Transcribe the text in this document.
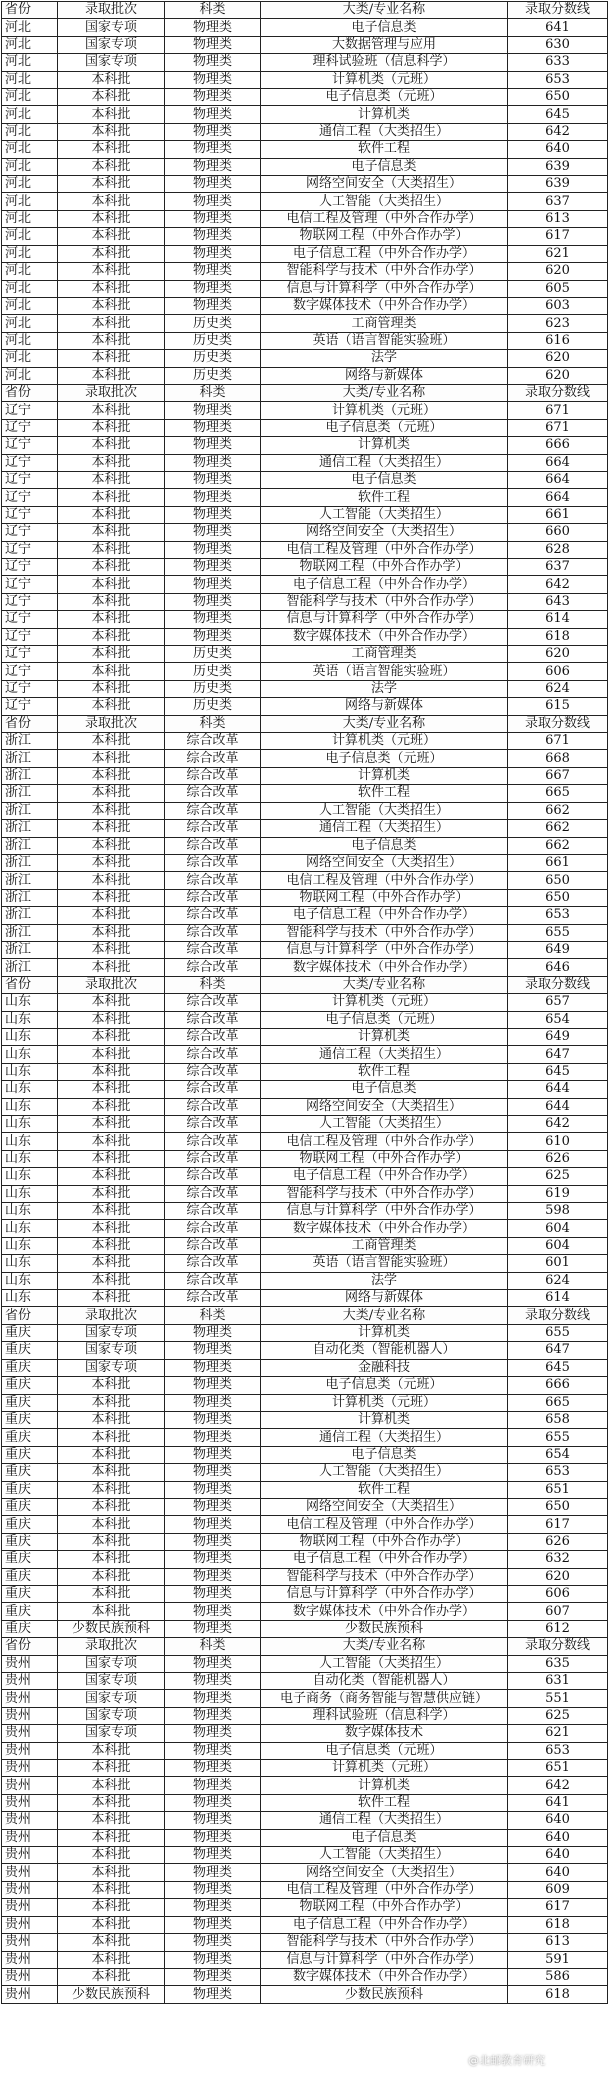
省份	录取批次	科类	大类/专业名称	录取分数线
河北	国家专项	物理类	电子信息类	641
河北	国家专项	物理类	大数据管理与应用	630
河北	国家专项	物理类	理科试验班（信息科学）	633
河北	本科批	物理类	计算机类（元班）	653
河北	本科批	物理类	电子信息类（元班）	650
河北	本科批	物理类	计算机类	645
河北	本科批	物理类	通信工程（大类招生）	642
河北	本科批	物理类	软件工程	640
河北	本科批	物理类	电子信息类	639
河北	本科批	物理类	网络空间安全（大类招生）	639
河北	本科批	物理类	人工智能（大类招生）	637
河北	本科批	物理类	电信工程及管理（中外合作办学）	613
河北	本科批	物理类	物联网工程（中外合作办学）	617
河北	本科批	物理类	电子信息工程（中外合作办学）	621
河北	本科批	物理类	智能科学与技术（中外合作办学）	620
河北	本科批	物理类	信息与计算科学（中外合作办学）	605
河北	本科批	物理类	数字媒体技术（中外合作办学）	603
河北	本科批	历史类	工商管理类	623
河北	本科批	历史类	英语（语言智能实验班）	616
河北	本科批	历史类	法学	620
河北	本科批	历史类	网络与新媒体	620
省份	录取批次	科类	大类/专业名称	录取分数线
辽宁	本科批	物理类	计算机类（元班）	671
辽宁	本科批	物理类	电子信息类（元班）	671
辽宁	本科批	物理类	计算机类	666
辽宁	本科批	物理类	通信工程（大类招生）	664
辽宁	本科批	物理类	电子信息类	664
辽宁	本科批	物理类	软件工程	664
辽宁	本科批	物理类	人工智能（大类招生）	661
辽宁	本科批	物理类	网络空间安全（大类招生）	660
辽宁	本科批	物理类	电信工程及管理（中外合作办学）	628
辽宁	本科批	物理类	物联网工程（中外合作办学）	637
辽宁	本科批	物理类	电子信息工程（中外合作办学）	642
辽宁	本科批	物理类	智能科学与技术（中外合作办学）	643
辽宁	本科批	物理类	信息与计算科学（中外合作办学）	614
辽宁	本科批	物理类	数字媒体技术（中外合作办学）	618
辽宁	本科批	历史类	工商管理类	620
辽宁	本科批	历史类	英语（语言智能实验班）	606
辽宁	本科批	历史类	法学	624
辽宁	本科批	历史类	网络与新媒体	615
省份	录取批次	科类	大类/专业名称	录取分数线
浙江	本科批	综合改革	计算机类（元班）	671
浙江	本科批	综合改革	电子信息类（元班）	668
浙江	本科批	综合改革	计算机类	667
浙江	本科批	综合改革	软件工程	665
浙江	本科批	综合改革	人工智能（大类招生）	662
浙江	本科批	综合改革	通信工程（大类招生）	662
浙江	本科批	综合改革	电子信息类	662
浙江	本科批	综合改革	网络空间安全（大类招生）	661
浙江	本科批	综合改革	电信工程及管理（中外合作办学）	650
浙江	本科批	综合改革	物联网工程（中外合作办学）	650
浙江	本科批	综合改革	电子信息工程（中外合作办学）	653
浙江	本科批	综合改革	智能科学与技术（中外合作办学）	655
浙江	本科批	综合改革	信息与计算科学（中外合作办学）	649
浙江	本科批	综合改革	数字媒体技术（中外合作办学）	646
省份	录取批次	科类	大类/专业名称	录取分数线
山东	本科批	综合改革	计算机类（元班）	657
山东	本科批	综合改革	电子信息类（元班）	654
山东	本科批	综合改革	计算机类	649
山东	本科批	综合改革	通信工程（大类招生）	647
山东	本科批	综合改革	软件工程	645
山东	本科批	综合改革	电子信息类	644
山东	本科批	综合改革	网络空间安全（大类招生）	644
山东	本科批	综合改革	人工智能（大类招生）	642
山东	本科批	综合改革	电信工程及管理（中外合作办学）	610
山东	本科批	综合改革	物联网工程（中外合作办学）	626
山东	本科批	综合改革	电子信息工程（中外合作办学）	625
山东	本科批	综合改革	智能科学与技术（中外合作办学）	619
山东	本科批	综合改革	信息与计算科学（中外合作办学）	598
山东	本科批	综合改革	数字媒体技术（中外合作办学）	604
山东	本科批	综合改革	工商管理类	604
山东	本科批	综合改革	英语（语言智能实验班）	601
山东	本科批	综合改革	法学	624
山东	本科批	综合改革	网络与新媒体	614
省份	录取批次	科类	大类/专业名称	录取分数线
重庆	国家专项	物理类	计算机类	655
重庆	国家专项	物理类	自动化类（智能机器人）	647
重庆	国家专项	物理类	金融科技	645
重庆	本科批	物理类	电子信息类（元班）	666
重庆	本科批	物理类	计算机类（元班）	665
重庆	本科批	物理类	计算机类	658
重庆	本科批	物理类	通信工程（大类招生）	655
重庆	本科批	物理类	电子信息类	654
重庆	本科批	物理类	人工智能（大类招生）	653
重庆	本科批	物理类	软件工程	651
重庆	本科批	物理类	网络空间安全（大类招生）	650
重庆	本科批	物理类	电信工程及管理（中外合作办学）	617
重庆	本科批	物理类	物联网工程（中外合作办学）	626
重庆	本科批	物理类	电子信息工程（中外合作办学）	632
重庆	本科批	物理类	智能科学与技术（中外合作办学）	620
重庆	本科批	物理类	信息与计算科学（中外合作办学）	606
重庆	本科批	物理类	数字媒体技术（中外合作办学）	607
重庆	少数民族预科	物理类	少数民族预科	612
省份	录取批次	科类	大类/专业名称	录取分数线
贵州	国家专项	物理类	人工智能（大类招生）	635
贵州	国家专项	物理类	自动化类（智能机器人）	631
贵州	国家专项	物理类	电子商务（商务智能与智慧供应链）	551
贵州	国家专项	物理类	理科试验班（信息科学）	625
贵州	国家专项	物理类	数字媒体技术	621
贵州	本科批	物理类	电子信息类（元班）	653
贵州	本科批	物理类	计算机类（元班）	651
贵州	本科批	物理类	计算机类	642
贵州	本科批	物理类	软件工程	641
贵州	本科批	物理类	通信工程（大类招生）	640
贵州	本科批	物理类	电子信息类	640
贵州	本科批	物理类	人工智能（大类招生）	640
贵州	本科批	物理类	网络空间安全（大类招生）	640
贵州	本科批	物理类	电信工程及管理（中外合作办学）	609
贵州	本科批	物理类	物联网工程（中外合作办学）	617
贵州	本科批	物理类	电子信息工程（中外合作办学）	618
贵州	本科批	物理类	智能科学与技术（中外合作办学）	613
贵州	本科批	物理类	信息与计算科学（中外合作办学）	591
贵州	本科批	物理类	数字媒体技术（中外合作办学）	586
贵州	少数民族预科	物理类	少数民族预科	618
@北邮教育研究
